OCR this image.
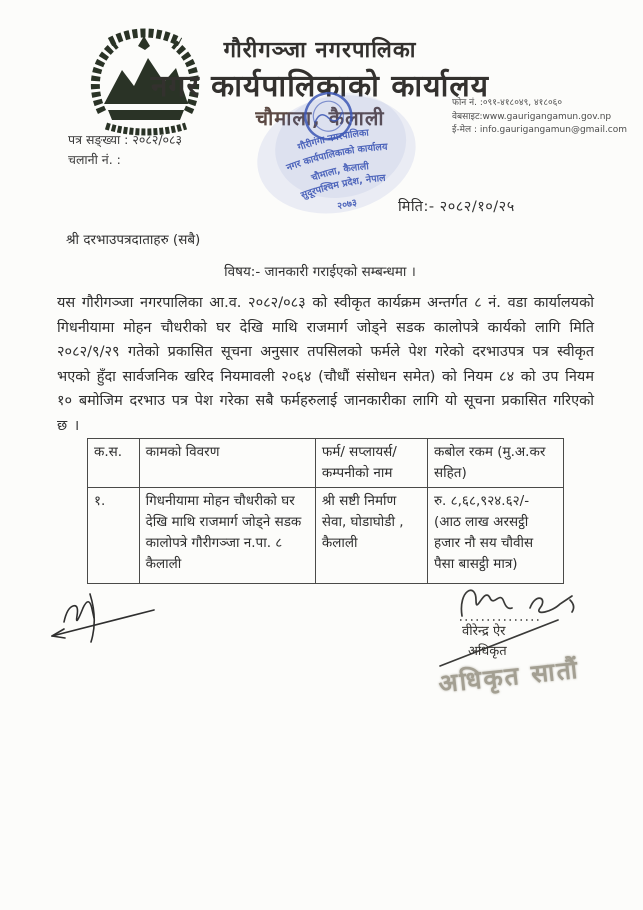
गौरीगञ्जा नगरपालिका
नगर कार्यपालिकाको कार्यालय
चौमाला, कैलाली
फोन नं. :०९१-४१८०४९, ४१८०६०
वेबसाइट:www.gaurigangamun.gov.np
ई-मेल : info.gaurigangamun@gmail.com
पत्र सङ्ख्या : २०८२/०८३
चलानी नं. :
गौरीगंगा नगरपालिका
नगर कार्यपालिकाको कार्यालय
चौमाला, कैलाली
सुदूरपश्चिम प्रदेश, नेपाल
२०७३	मिति:- २०८२/१०/२५
श्री दरभाउपत्रदाताहरु (सबै)
विषय:- जानकारी गराईएको सम्बन्धमा ।
यस गौरीगञ्जा नगरपालिका आ.व. २०८२/०८३ को स्वीकृत कार्यक्रम अन्तर्गत ८ नं. वडा कार्यालयको गिधनीयामा मोहन चौधरीको घर देखि माथि राजमार्ग जोड्ने सडक कालोपत्रे कार्यको लागि मिति २०८२/९/२९ गतेको प्रकासित सूचना अनुसार तपसिलको फर्मले पेश गरेको दरभाउपत्र पत्र स्वीकृत भएको हुँदा सार्वजनिक खरिद नियमावली २०६४ (चौधौं संसोधन समेत) को नियम ८४ को उप नियम १० बमोजिम दरभाउ पत्र पेश गरेका सबै फर्महरुलाई जानकारीका लागि यो सूचना प्रकासित गरिएको छ ।
क.स.	कामको विवरण	फर्म/ सप्लायर्स/ कम्पनीको नाम	कबोल रकम (मु.अ.कर सहित)
१.	गिधनीयामा मोहन चौधरीको घर देखि माथि राजमार्ग जोड्ने सडक कालोपत्रे गौरीगञ्जा न.पा. ८ कैलाली	श्री सष्टी निर्माण सेवा, घोडाघोडी , कैलाली	रु. ८,६८,९२४.६२/- (आठ लाख अरसट्ठी हजार नौ सय चौवीस पैसा बासट्ठी मात्र)
वीरेन्द्र ऐर
अधिकृत
अधिकृत सातौं
